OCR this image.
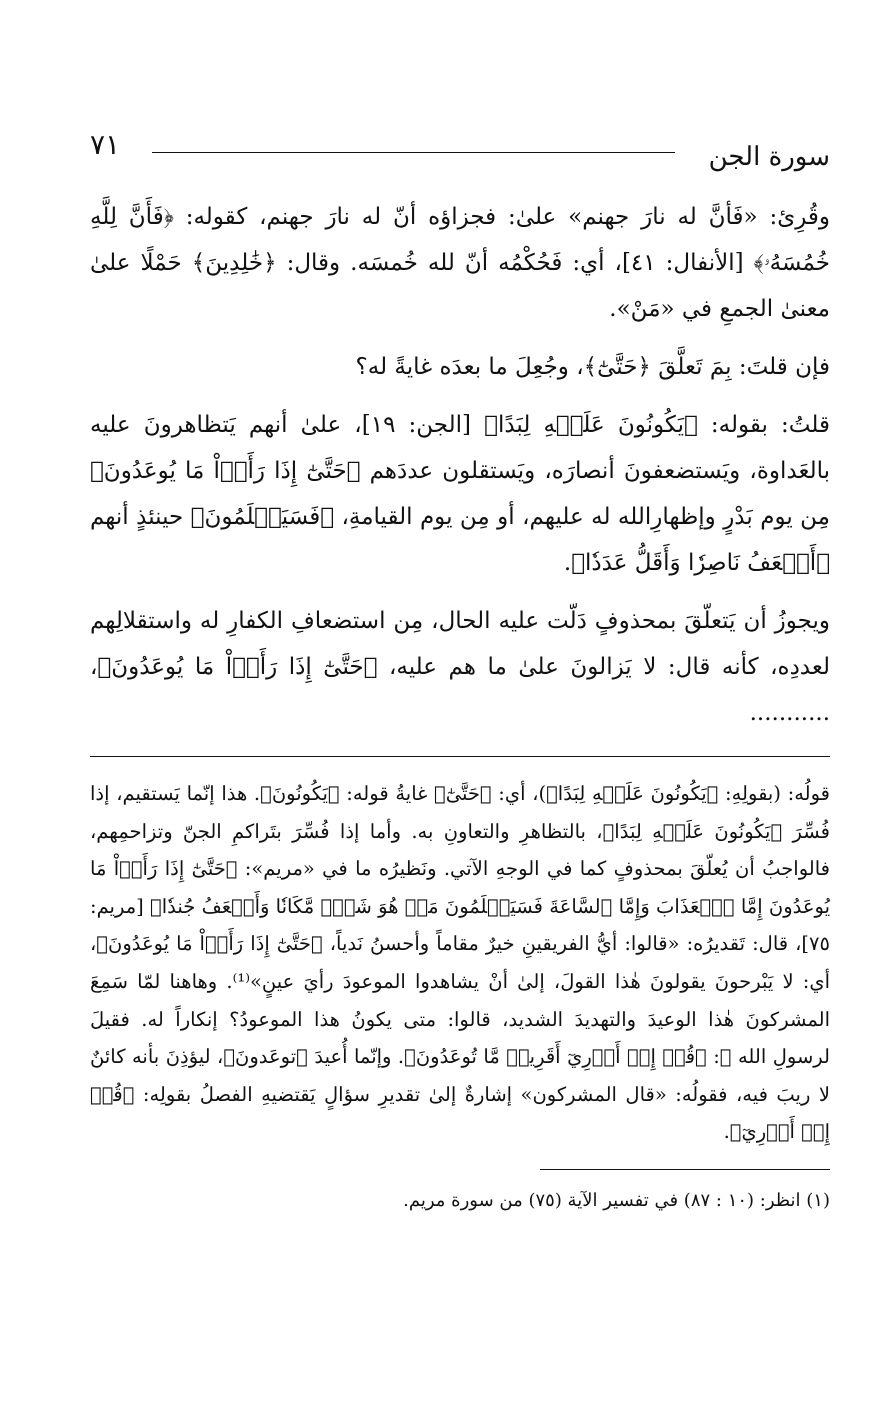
سورة الجن
٧١

وقُرِئ: «فَأنَّ له نارَ جهنم» علىٰ: فجزاؤه أنّ له نارَ جهنم، كقوله: ﴿فَأَنَّ لِلَّهِ خُمُسَهُۥ﴾ [الأنفال: ٤١]، أي: فَحُكْمُه أنّ لله خُمسَه. وقال: ﴿خَٰلِدِينَ﴾ حَمْلًا علىٰ معنىٰ الجمعِ في «مَنْ».

فإن قلتَ: بِمَ تَعلَّقَ ﴿حَتَّىٰٓ﴾، وجُعِلَ ما بعدَه غايةً له؟

قلتُ: بقوله: ﴿يَكُونُونَ عَلَيۡهِ لِبَدًا﴾ [الجن: ١٩]، علىٰ أنهم يَتظاهرونَ عليه بالعَداوة، ويَستضعفونَ أنصارَه، ويَستقلون عددَهم ﴿حَتَّىٰٓ إِذَا رَأَوۡاْ مَا يُوعَدُونَ﴾ مِن يوم بَدْرٍ وإظهارِالله له عليهم، أو مِن يوم القيامةِ، ﴿فَسَيَعۡلَمُونَ﴾ حينئذٍ أنهم ﴿أَضۡعَفُ نَاصِرٗا وَأَقَلُّ عَدَدٗا﴾.

ويجوزُ أن يَتعلّقَ بمحذوفٍ دَلّت عليه الحال، مِن استضعافِ الكفارِ له واستقلالِهم لعددِه، كأنه قال: لا يَزالونَ علىٰ ما هم عليه، ﴿حَتَّىٰٓ إِذَا رَأَوۡاْ مَا يُوعَدُونَ﴾، ...........

قولُه: (بقولِهِ: ﴿يَكُونُونَ عَلَيۡهِ لِبَدًا﴾)، أي: ﴿حَتَّىٰٓ﴾ غايةُ قوله: ﴿يَكُونُونَ﴾. هذا إنّما يَستقيم، إذا فُسِّرَ ﴿يَكُونُونَ عَلَيۡهِ لِبَدًا﴾، بالتظاهرِ والتعاونِ به. وأما إذا فُسِّرَ بتَراكمِ الجنّ وتزاحمِهم، فالواجبُ أن يُعلّقَ بمحذوفٍ كما في الوجهِ الآتي. ونَظيرُه ما في «مريم»: ﴿حَتَّىٰٓ إِذَا رَأَوۡاْ مَا يُوعَدُونَ إِمَّا ٱلۡعَذَابَ وَإِمَّا ٱلسَّاعَةَ فَسَيَعۡلَمُونَ مَنۡ هُوَ شَرّٞ مَّكَانٗا وَأَضۡعَفُ جُندٗا﴾ [مريم: ٧٥]، قال: تَقديرُه: «قالوا: أيُّ الفريقينِ خيرٌ مقاماً وأحسنُ نَدياً، ﴿حَتَّىٰٓ إِذَا رَأَوۡاْ مَا يُوعَدُونَ﴾، أي: لا يَبْرحونَ يقولونَ هٰذا القولَ، إلىٰ أنْ يشاهدوا الموعودَ رأيَ عينٍ»⁽¹⁾. وهاهنا لمّا سَمِعَ المشركونَ هٰذا الوعيدَ والتهديدَ الشديد، قالوا: متى يكونُ هذا الموعودُ؟ إنكاراً له. فقيلَ لرسولِ الله ﷺ: ﴿قُلۡ إِنۡ أَدۡرِيٓ أَقَرِيبٞ مَّا تُوعَدُونَ﴾. وإنّما أُعيدَ ﴿توعَدونَ﴾، ليؤذِنَ بأنه كائنٌ لا ريبَ فيه، فقولُه: «قال المشركون» إشارةٌ إلىٰ تقديرِ سؤالٍ يَقتضيهِ الفصلُ بقولِه: ﴿قُلۡ إِنۡ أَدۡرِيٓ﴾.

(١) انظر: (١٠ : ٨٧) في تفسير الآية (٧٥) من سورة مريم.
